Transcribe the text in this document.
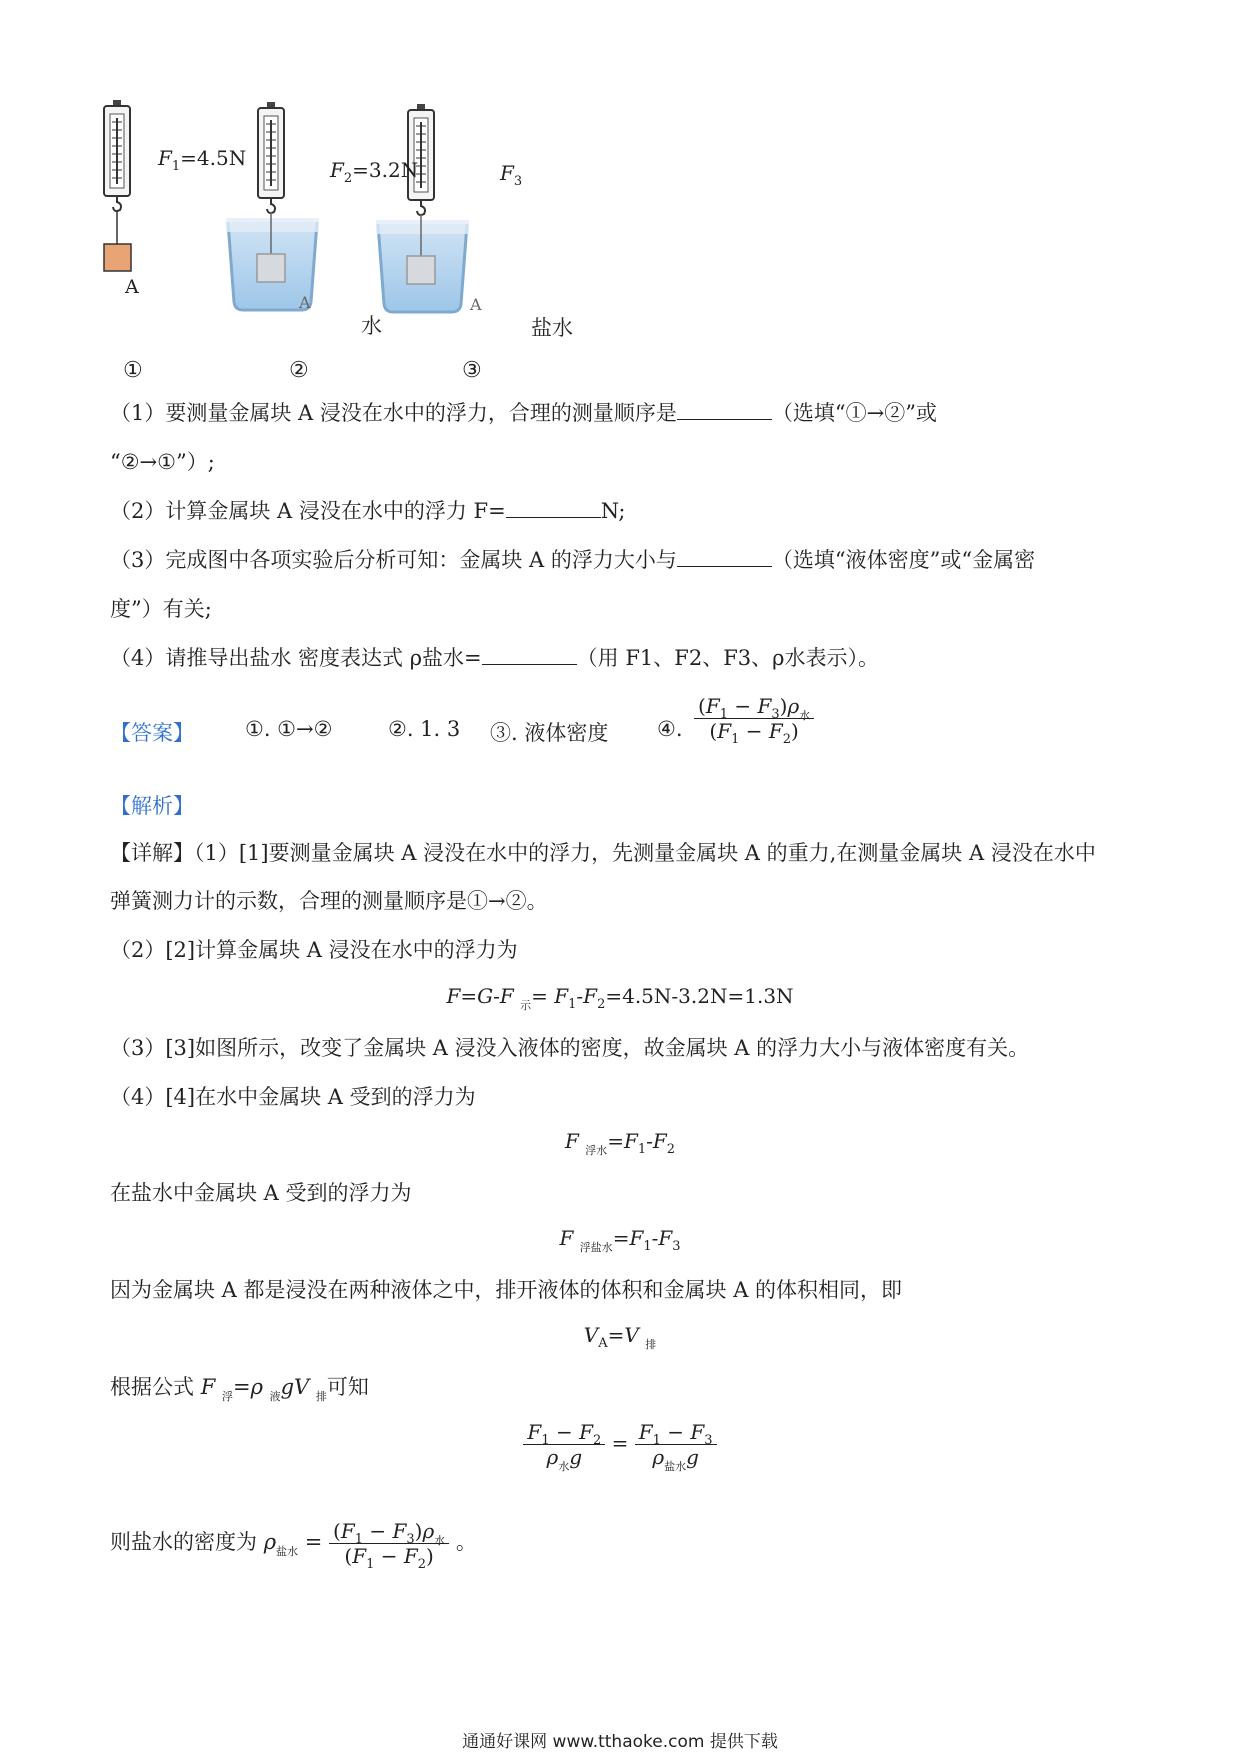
$F_1=4.5N$	$F_2=3.2N$	$F_3$
A
A	A
水	盐水
①	②	③
（1）要测量金属块 A 浸没在水中的浮力，合理的测量顺序是	（选填“①→②”或
“②→①”）;
（2）计算金属块 A 浸没在水中的浮力 F=	N;
（3）完成图中各项实验后分析可知：金属块 A 的浮力大小与	（选填“液体密度”或“金属密
度”）有关;
（4）请推导出盐水 密度表达式 ρ盐水=	（用 F1、F2、F3、ρ水表示）。
【答案】 ①. ①→②	②. 1. 3 ③. 液体密度 ④. $\frac{(F_1 - F_3)\rho_水}{(F_1 - F_2)}$
【解析】
【详解】（1）[1]要测量金属块 A 浸没在水中的浮力，先测量金属块 A 的重力,在测量金属块 A 浸没在水中
弹簧测力计的示数，合理的测量顺序是①→②。
（2）[2]计算金属块 A 浸没在水中的浮力为
F=G-F $_示= F_1-F_2=4.5N-3.2N=1.3N$
（3）[3]如图所示，改变了金属块 A 浸没入液体的密度，故金属块 A 的浮力大小与液体密度有关。
（4）[4]在水中金属块 A 受到的浮力为
F $_{浮水}=F_1-F_2$
在盐水中金属块 A 受到的浮力为
F $_{浮盐水}=F_1-F_3$
因为金属块 A 都是浸没在两种液体之中，排开液体的体积和金属块 A 的体积相同，即
$V_A=V$ $_排$
根据公式 F $_浮$=ρ $_液$gV $_排$可知
$\frac{F_1 - F_2}{\rho_水g} = \frac{F_1 - F_3}{\rho_{盐水}g}$
则盐水的密度为 $\rho_{盐水} = \frac{(F_1 - F_3)\rho_水}{(F_1 - F_2)}$ 。
通通好课网 www.tthaoke.com 提供下载
